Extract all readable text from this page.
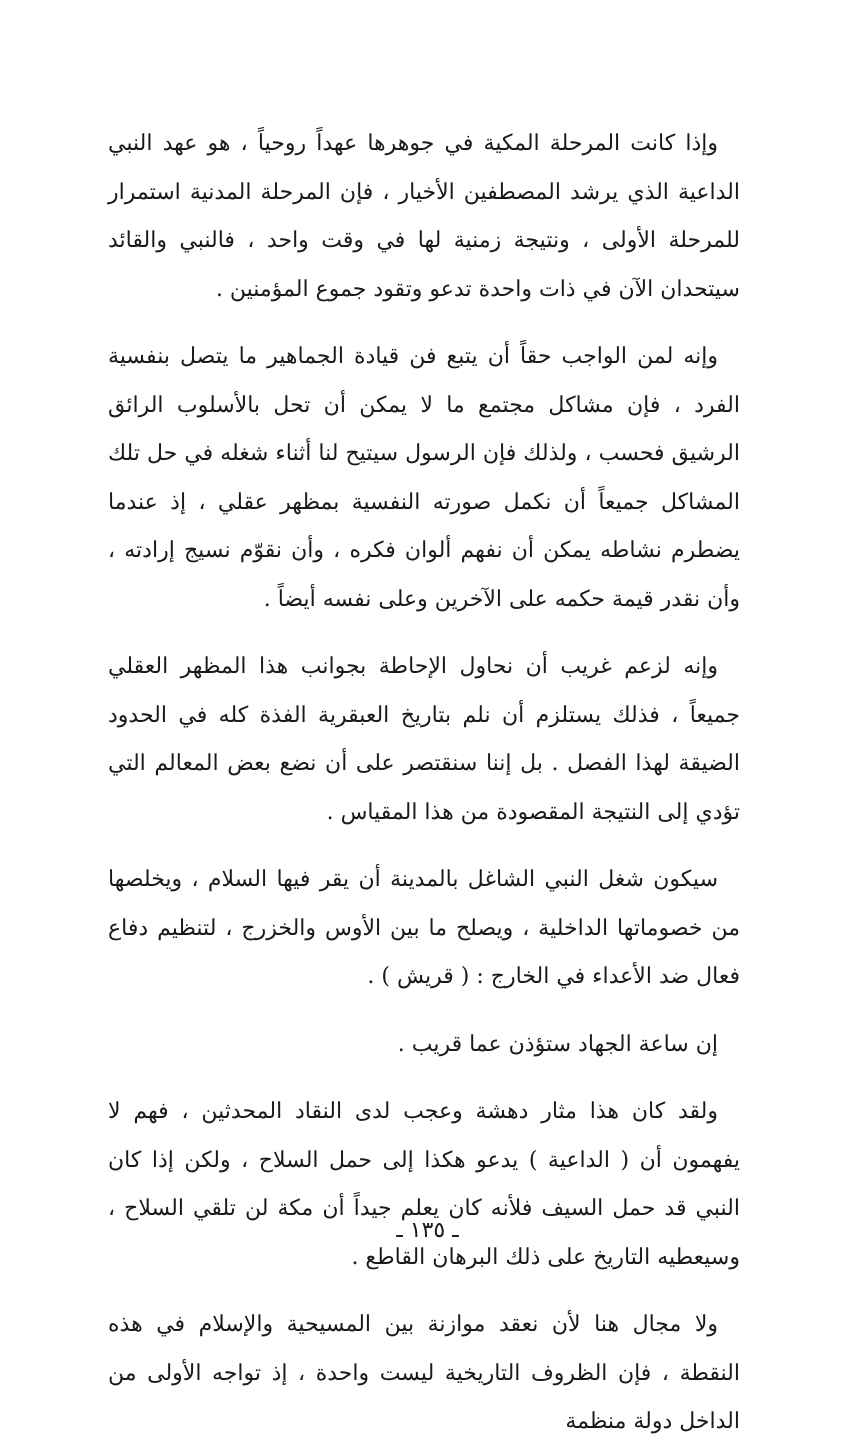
وإذا كانت المرحلة المكية في جوهرها عهداً روحياً ، هو عهد النبي الداعية الذي يرشد المصطفين الأخيار ، فإن المرحلة المدنية استمرار للمرحلة الأولى ، ونتيجة زمنية لها في وقت واحد ، فالنبي والقائد سيتحدان الآن في ذات واحدة تدعو وتقود جموع المؤمنين .

وإنه لمن الواجب حقاً أن يتبع فن قيادة الجماهير ما يتصل بنفسية الفرد ، فإن مشاكل مجتمع ما لا يمكن أن تحل بالأسلوب الرائق الرشيق فحسب ، ولذلك فإن الرسول سيتيح لنا أثناء شغله في حل تلك المشاكل جميعاً أن نكمل صورته النفسية بمظهر عقلي ، إذ عندما يضطرم نشاطه يمكن أن نفهم ألوان فكره ، وأن نقوّم نسيج إرادته ، وأن نقدر قيمة حكمه على الآخرين وعلى نفسه أيضاً .

وإنه لزعم غريب أن نحاول الإحاطة بجوانب هذا المظهر العقلي جميعاً ، فذلك يستلزم أن نلم بتاريخ العبقرية الفذة كله في الحدود الضيقة لهذا الفصل . بل إننا سنقتصر على أن نضع بعض المعالم التي تؤدي إلى النتيجة المقصودة من هذا المقياس .

سيكون شغل النبي الشاغل بالمدينة أن يقر فيها السلام ، ويخلصها من خصوماتها الداخلية ، ويصلح ما بين الأوس والخزرج ، لتنظيم دفاع فعال ضد الأعداء في الخارج : ( قريش ) .

إن ساعة الجهاد ستؤذن عما قريب .

ولقد كان هذا مثار دهشة وعجب لدى النقاد المحدثين ، فهم لا يفهمون أن ( الداعية ) يدعو هكذا إلى حمل السلاح ، ولكن إذا كان النبي قد حمل السيف فلأنه كان يعلم جيداً أن مكة لن تلقي السلاح ، وسيعطيه التاريخ على ذلك البرهان القاطع .

ولا مجال هنا لأن نعقد موازنة بين المسيحية والإسلام في هذه النقطة ، فإن الظروف التاريخية ليست واحدة ، إذ تواجه الأولى من الداخل دولة منظمة

ـ ١٣٥ ـ
